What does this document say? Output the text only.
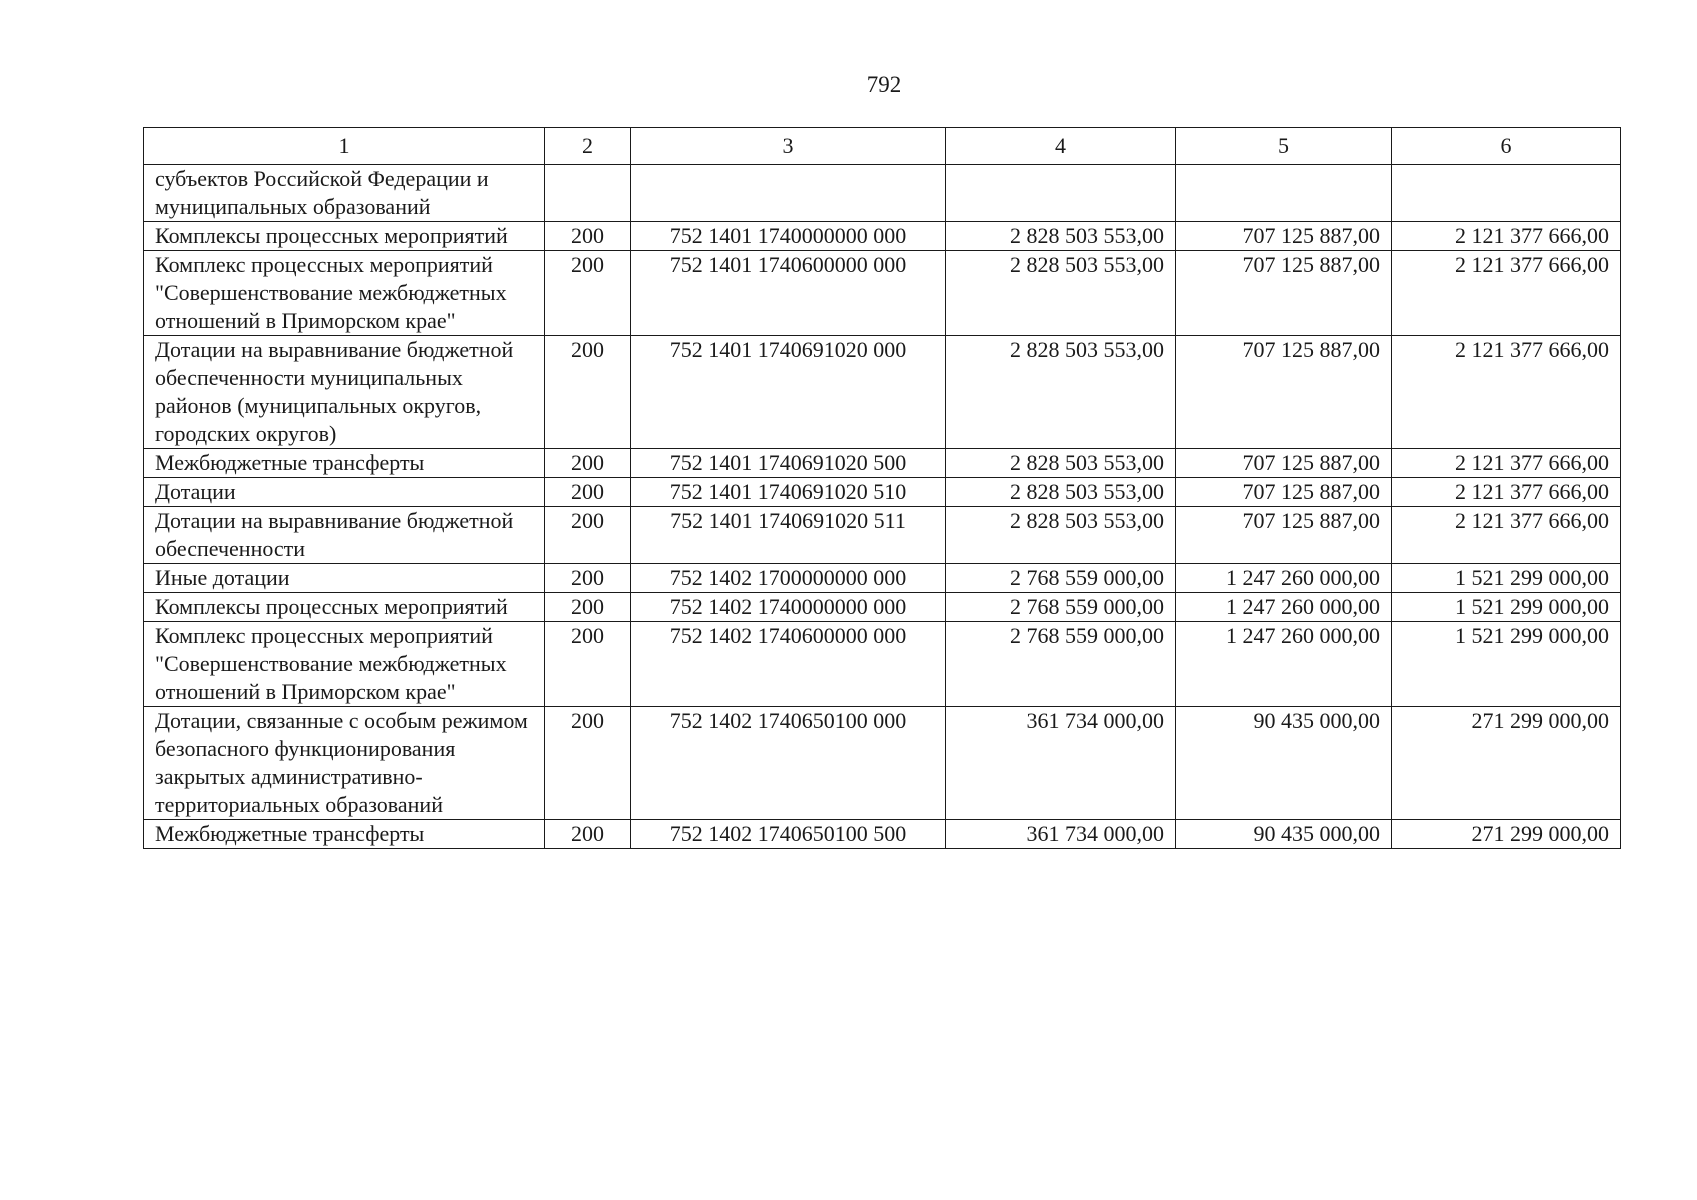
792
1	2	3	4	5	6
субъектов Российской Федерации и муниципальных образований					
Комплексы процессных мероприятий	200	752 1401 1740000000 000	2 828 503 553,00	707 125 887,00	2 121 377 666,00
Комплекс процессных мероприятий "Совершенствование межбюджетных отношений в Приморском крае"	200	752 1401 1740600000 000	2 828 503 553,00	707 125 887,00	2 121 377 666,00
Дотации на выравнивание бюджетной обеспеченности муниципальных районов (муниципальных округов, городских округов)	200	752 1401 1740691020 000	2 828 503 553,00	707 125 887,00	2 121 377 666,00
Межбюджетные трансферты	200	752 1401 1740691020 500	2 828 503 553,00	707 125 887,00	2 121 377 666,00
Дотации	200	752 1401 1740691020 510	2 828 503 553,00	707 125 887,00	2 121 377 666,00
Дотации на выравнивание бюджетной обеспеченности	200	752 1401 1740691020 511	2 828 503 553,00	707 125 887,00	2 121 377 666,00
Иные дотации	200	752 1402 1700000000 000	2 768 559 000,00	1 247 260 000,00	1 521 299 000,00
Комплексы процессных мероприятий	200	752 1402 1740000000 000	2 768 559 000,00	1 247 260 000,00	1 521 299 000,00
Комплекс процессных мероприятий "Совершенствование межбюджетных отношений в Приморском крае"	200	752 1402 1740600000 000	2 768 559 000,00	1 247 260 000,00	1 521 299 000,00
Дотации, связанные с особым режимом безопасного функционирования закрытых административно-территориальных образований	200	752 1402 1740650100 000	361 734 000,00	90 435 000,00	271 299 000,00
Межбюджетные трансферты	200	752 1402 1740650100 500	361 734 000,00	90 435 000,00	271 299 000,00
